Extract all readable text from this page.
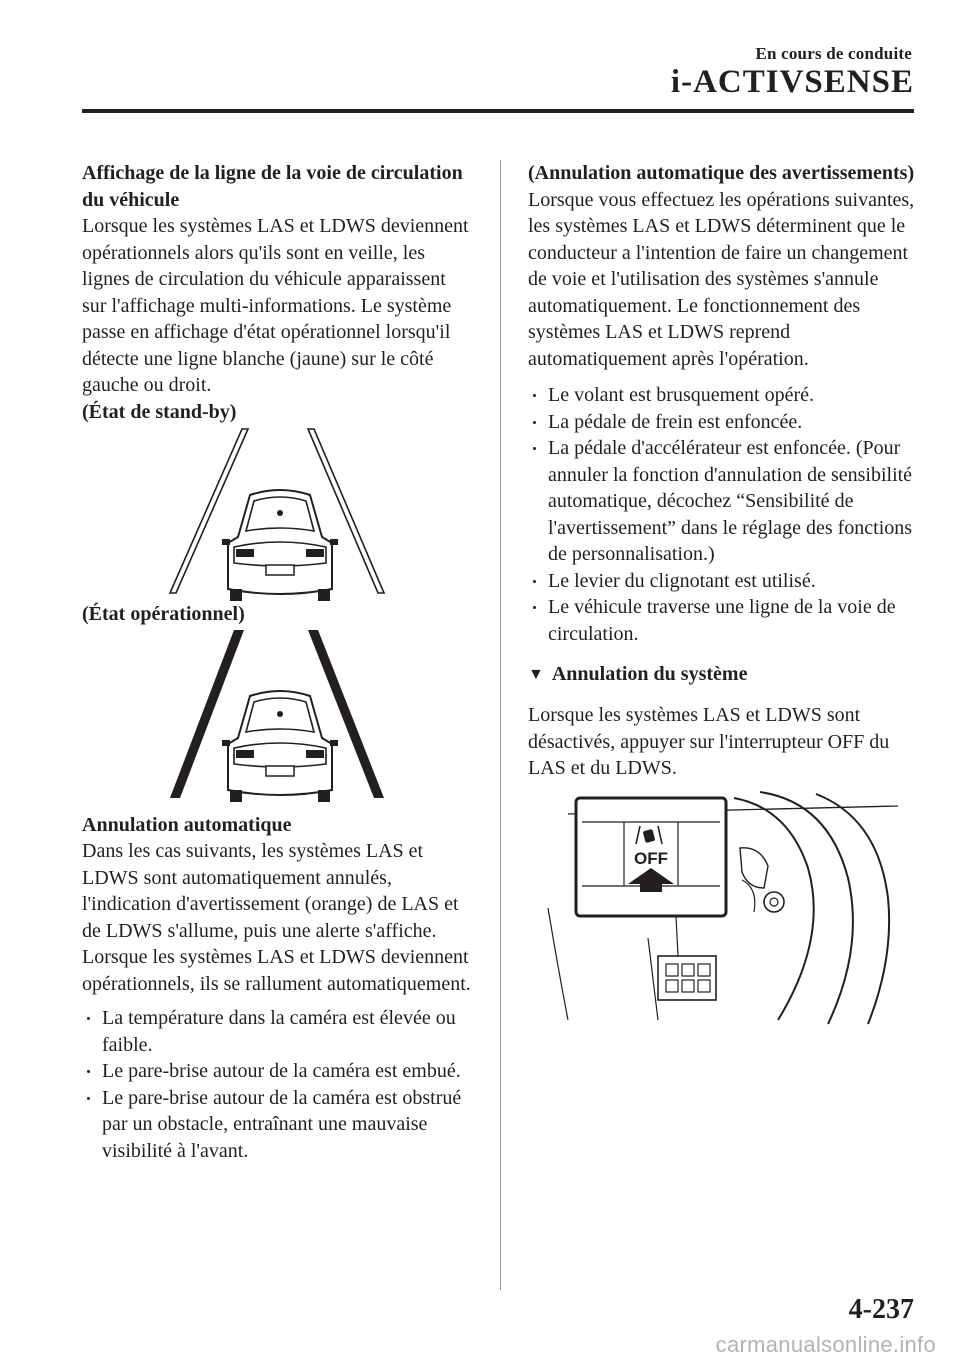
En cours de conduite
i-ACTIVSENSE

Affichage de la ligne de la voie de circulation du véhicule

Lorsque les systèmes LAS et LDWS deviennent opérationnels alors qu'ils sont en veille, les lignes de circulation du véhicule apparaissent sur l'affichage multi-informations. Le système passe en affichage d'état opérationnel lorsqu'il détecte une ligne blanche (jaune) sur le côté gauche ou droit.

(État de stand-by)

(État opérationnel)

Annulation automatique

Dans les cas suivants, les systèmes LAS et LDWS sont automatiquement annulés, l'indication d'avertissement (orange) de LAS et de LDWS s'allume, puis une alerte s'affiche. Lorsque les systèmes LAS et LDWS deviennent opérationnels, ils se rallument automatiquement.

La température dans la caméra est élevée ou faible.
Le pare-brise autour de la caméra est embué.
Le pare-brise autour de la caméra est obstrué par un obstacle, entraînant une mauvaise visibilité à l'avant.

(Annulation automatique des avertissements)

Lorsque vous effectuez les opérations suivantes, les systèmes LAS et LDWS déterminent que le conducteur a l'intention de faire un changement de voie et l'utilisation des systèmes s'annule automatiquement. Le fonctionnement des systèmes LAS et LDWS reprend automatiquement après l'opération.

Le volant est brusquement opéré.
La pédale de frein est enfoncée.
La pédale d'accélérateur est enfoncée. (Pour annuler la fonction d'annulation de sensibilité automatique, décochez “Sensibilité de l'avertissement” dans le réglage des fonctions de personnalisation.)
Le levier du clignotant est utilisé.
Le véhicule traverse une ligne de la voie de circulation.
▼ Annulation du système

Lorsque les systèmes LAS et LDWS sont désactivés, appuyer sur l'interrupteur OFF du LAS et du LDWS.

OFF
4-237
carmanualsonline.info
